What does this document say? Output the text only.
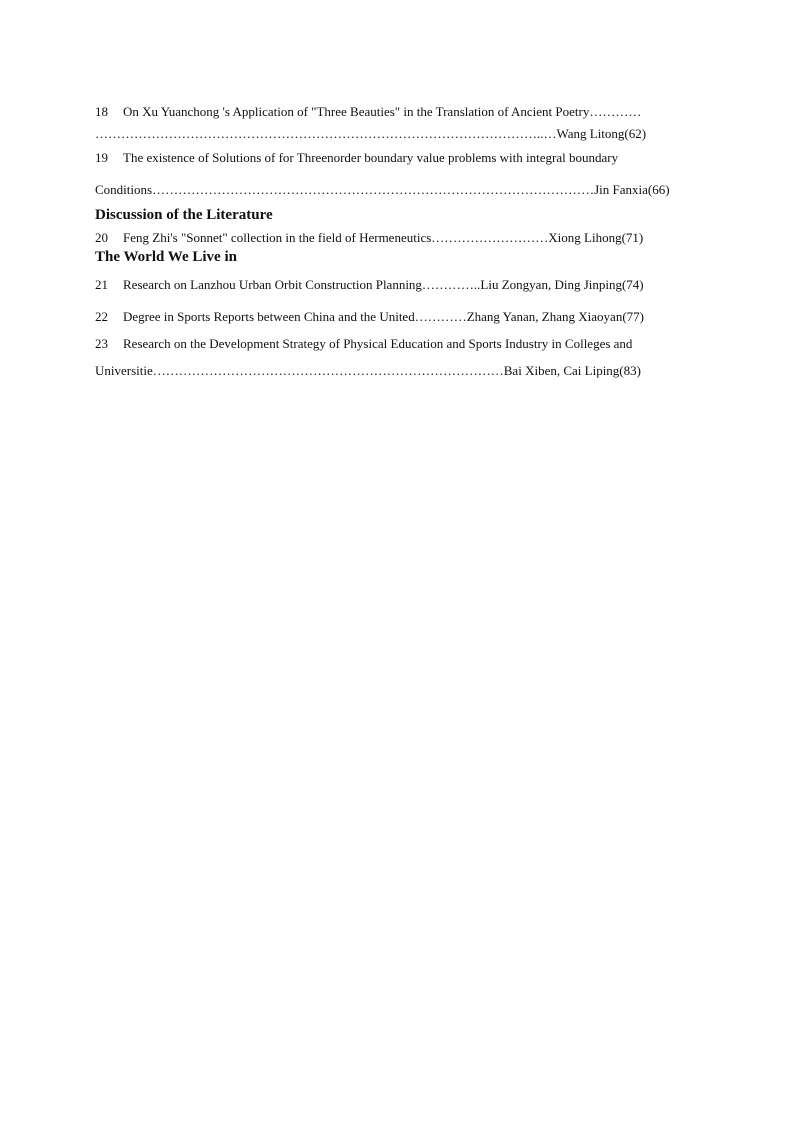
18 On Xu Yuanchong 's Application of "Three Beauties" in the Translation of Ancient Poetry…………
…………………………………………………………………………………………..…Wang Litong(62)
19 The existence of Solutions of for Threenorder boundary value problems with integral boundary
Conditions…………………………………………………………………………………………Jin Fanxia(66)
Discussion of the Literature
20 Feng Zhi's "Sonnet" collection in the field of Hermeneutics………………………Xiong Lihong(71)
The World We Live in
21 Research on Lanzhou Urban Orbit Construction Planning…………..Liu Zongyan, Ding Jinping(74)
22 Degree in Sports Reports between China and the United…………Zhang Yanan, Zhang Xiaoyan(77)
23 Research on the Development Strategy of Physical Education and Sports Industry in Colleges and
Universitie………………………………………………………………………Bai Xiben, Cai Liping(83)
